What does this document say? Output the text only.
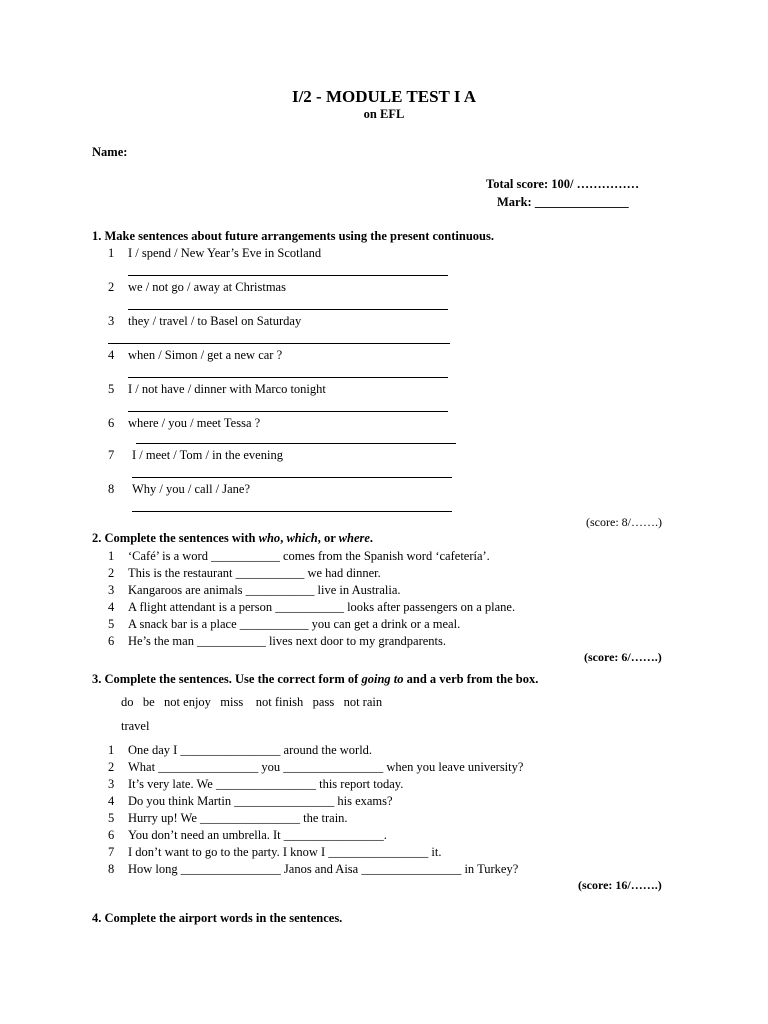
I/2 - MODULE TEST I A
on EFL
Name:
Total score: 100/ ……………
Mark: _______________
1. Make sentences about future arrangements using the present continuous.
1 I / spend / New Year’s Eve in Scotland
2 we / not go / away at Christmas
3 they / travel / to Basel on Saturday
4 when / Simon / get a new car ?
5 I / not have / dinner with Marco tonight
6 where / you / meet Tessa ?
7 I / meet / Tom / in the evening
8 Why / you / call / Jane?
(score: 8/…….)
2. Complete the sentences with who, which, or where.
1 ‘Café’ is a word ___________ comes from the Spanish word ‘cafetería’.
2 This is the restaurant ___________ we had dinner.
3 Kangaroos are animals ___________ live in Australia.
4 A flight attendant is a person ___________ looks after passengers on a plane.
5 A snack bar is a place ___________ you can get a drink or a meal.
6 He’s the man ___________ lives next door to my grandparents.
(score: 6/…….)
3. Complete the sentences. Use the correct form of going to and a verb from the box.
do   be   not enjoy   miss    not finish   pass   not rain
travel
1 One day I ________________ around the world.
2 What ________________ you ________________ when you leave university?
3 It’s very late. We ________________ this report today.
4 Do you think Martin ________________ his exams?
5 Hurry up! We ________________ the train.
6 You don’t need an umbrella. It ________________.
7 I don’t want to go to the party. I know I ________________ it.
8 How long ________________ Janos and Aisa ________________ in Turkey?
(score: 16/…….)
4. Complete the airport words in the sentences.
